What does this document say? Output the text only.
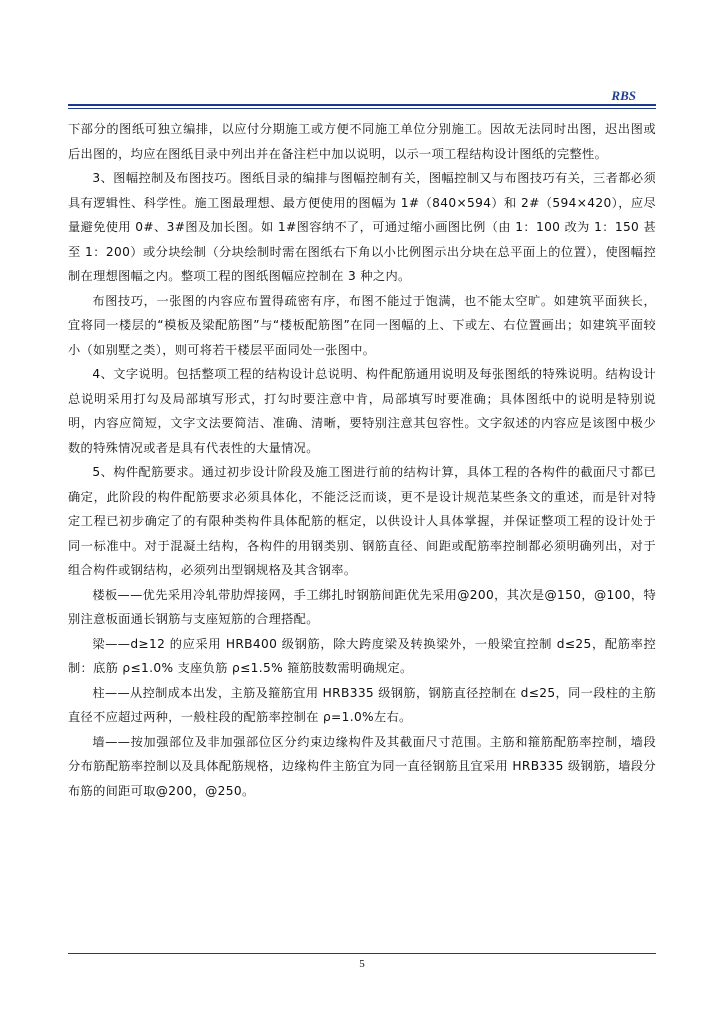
RBS

下部分的图纸可独立编排，以应付分期施工或方便不同施工单位分别施工。因故无法同时出图，迟出图或后出图的，均应在图纸目录中列出并在备注栏中加以说明，以示一项工程结构设计图纸的完整性。

3、图幅控制及布图技巧。图纸目录的编排与图幅控制有关，图幅控制又与布图技巧有关，三者都必须具有逻辑性、科学性。施工图最理想、最方便使用的图幅为 1#（840×594）和 2#（594×420），应尽量避免使用 0#、3#图及加长图。如 1#图容纳不了，可通过缩小画图比例（由 1：100 改为 1：150 甚至 1：200）或分块绘制（分块绘制时需在图纸右下角以小比例图示出分块在总平面上的位置），使图幅控制在理想图幅之内。整项工程的图纸图幅应控制在 3 种之内。

布图技巧，一张图的内容应布置得疏密有序，布图不能过于饱满，也不能太空旷。如建筑平面狭长，宜将同一楼层的“模板及梁配筋图”与“楼板配筋图”在同一图幅的上、下或左、右位置画出；如建筑平面较小（如别墅之类），则可将若干楼层平面同处一张图中。

4、文字说明。包括整项工程的结构设计总说明、构件配筋通用说明及每张图纸的特殊说明。结构设计总说明采用打勾及局部填写形式，打勾时要注意中肯，局部填写时要准确；具体图纸中的说明是特别说明，内容应简短，文字文法要简洁、准确、清晰，要特别注意其包容性。文字叙述的内容应是该图中极少数的特殊情况或者是具有代表性的大量情况。

5、构件配筋要求。通过初步设计阶段及施工图进行前的结构计算，具体工程的各构件的截面尺寸都已确定，此阶段的构件配筋要求必须具体化，不能泛泛而谈，更不是设计规范某些条文的重述，而是针对特定工程已初步确定了的有限种类构件具体配筋的框定，以供设计人具体掌握，并保证整项工程的设计处于同一标准中。对于混凝土结构，各构件的用钢类别、钢筋直径、间距或配筋率控制都必须明确列出，对于组合构件或钢结构，必须列出型钢规格及其含钢率。

楼板——优先采用冷轧带肋焊接网，手工绑扎时钢筋间距优先采用@200，其次是@150，@100，特别注意板面通长钢筋与支座短筋的合理搭配。

梁——d≥12 的应采用 HRB400 级钢筋，除大跨度梁及转换梁外，一般梁宜控制 d≤25，配筋率控制：底筋 ρ≤1.0% 支座负筋 ρ≤1.5% 箍筋肢数需明确规定。

柱——从控制成本出发，主筋及箍筋宜用 HRB335 级钢筋，钢筋直径控制在 d≤25，同一段柱的主筋直径不应超过两种，一般柱段的配筋率控制在 ρ=1.0%左右。

墙——按加强部位及非加强部位区分约束边缘构件及其截面尺寸范围。主筋和箍筋配筋率控制，墙段分布筋配筋率控制以及具体配筋规格，边缘构件主筋宜为同一直径钢筋且宜采用 HRB335 级钢筋，墙段分布筋的间距可取@200，@250。

5
